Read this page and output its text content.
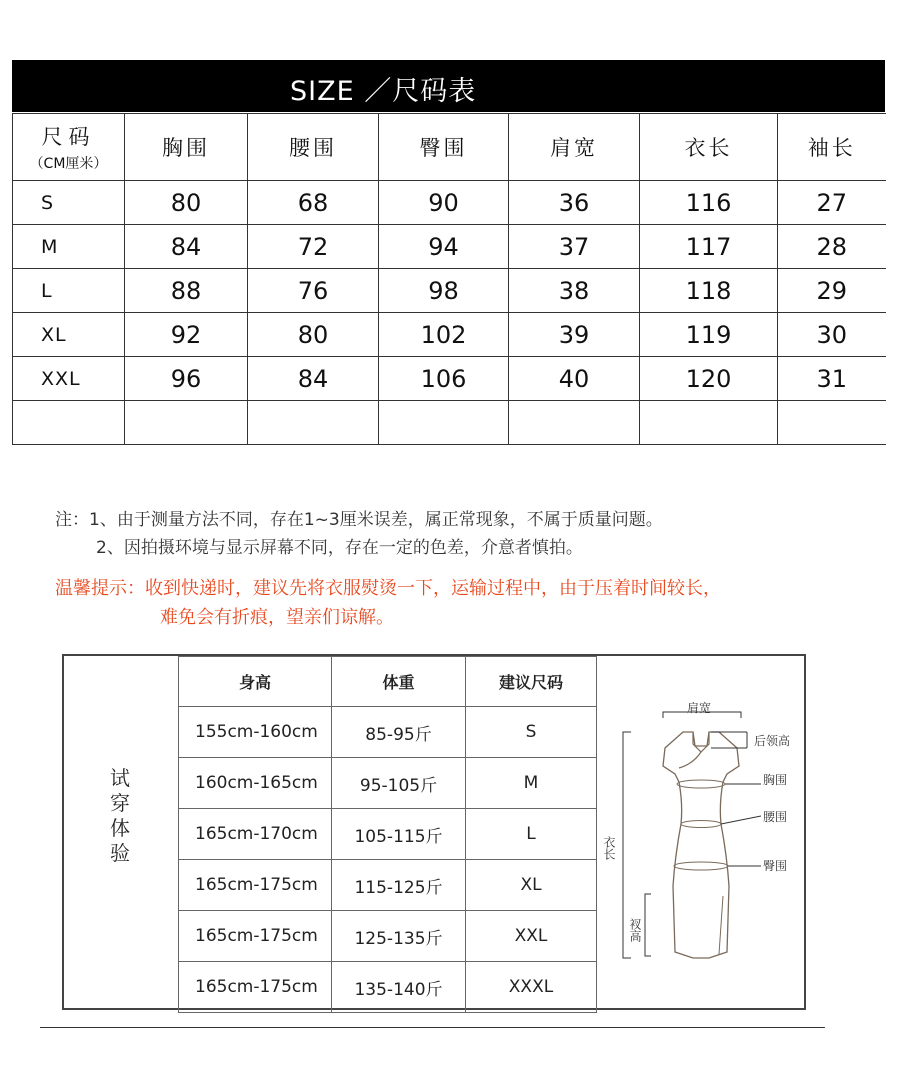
SIZE ／尺码表
尺码
（CM厘米）	胸围	腰围	臀围	肩宽	衣长	袖长
S	80	68	90	36	116	27
M	84	72	94	37	117	28
L	88	76	98	38	118	29
XL	92	80	102	39	119	30
XXL	96	84	106	40	120	31

注：1、由于测量方法不同，存在1~3厘米误差，属正常现象，不属于质量问题。
2、因拍摄环境与显示屏幕不同，存在一定的色差，介意者慎拍。
温馨提示：收到快递时，建议先将衣服熨烫一下，运输过程中，由于压着时间较长，
难免会有折痕，望亲们谅解。
试
穿
体
验
身高	体重	建议尺码
155cm-160cm	85-95斤	S
160cm-165cm	95-105斤	M
165cm-170cm	105-115斤	L
165cm-175cm	115-125斤	XL
165cm-175cm	125-135斤	XXL
165cm-175cm	135-140斤	XXXL
肩宽
后领高
胸围
腰围
臀围
衣长
衩高
